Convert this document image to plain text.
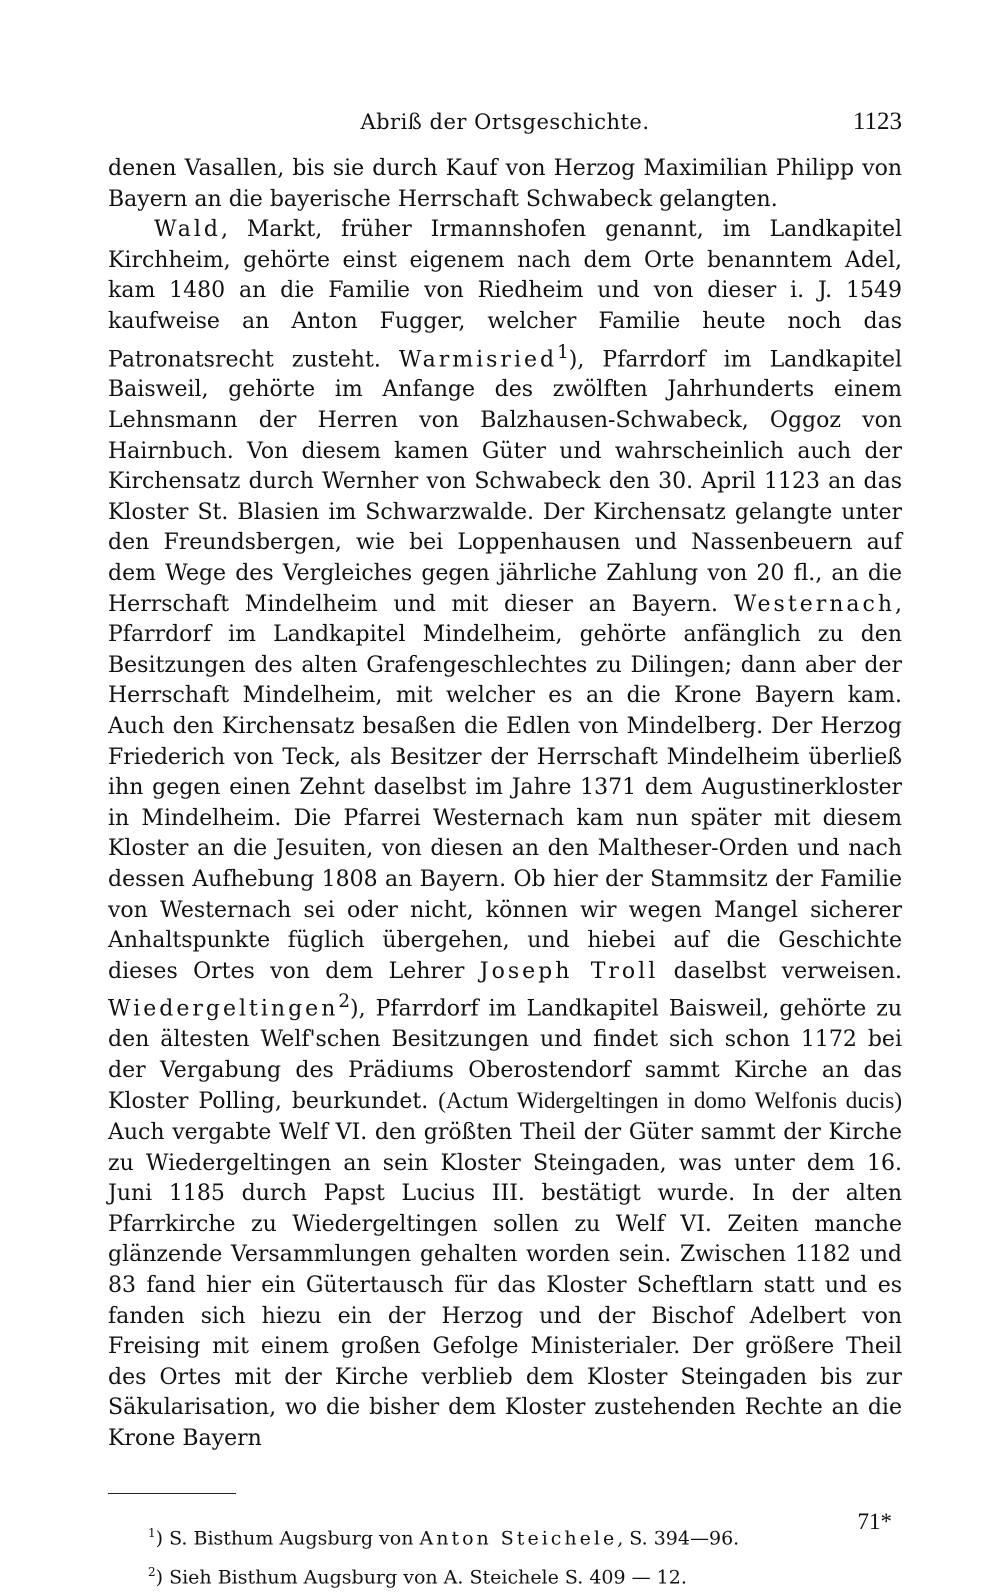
Abriß der Ortsgeschichte.	1123

denen Vasallen, bis sie durch Kauf von Herzog Maximilian Philipp von Bayern an die bayerische Herrschaft Schwabeck gelangten.

Wald, Markt, früher Irmannshofen genannt, im Landkapitel Kirchheim, gehörte einst eigenem nach dem Orte benanntem Adel, kam 1480 an die Familie von Riedheim und von dieser i. J. 1549 kaufweise an Anton Fugger, welcher Familie heute noch das Patronatsrecht zusteht. Warmisried$^1$), Pfarrdorf im Landkapitel Baisweil, gehörte im Anfange des zwölften Jahrhunderts einem Lehnsmann der Herren von Balzhausen-Schwabeck, Oggoz von Hairnbuch. Von diesem kamen Güter und wahrscheinlich auch der Kirchensatz durch Wernher von Schwabeck den 30. April 1123 an das Kloster St. Blasien im Schwarzwalde. Der Kirchensatz gelangte unter den Freundsbergen, wie bei Loppenhausen und Nassenbeuern auf dem Wege des Vergleiches gegen jährliche Zahlung von 20 fl., an die Herrschaft Mindelheim und mit dieser an Bayern. Westernach, Pfarrdorf im Landkapitel Mindelheim, gehörte anfänglich zu den Besitzungen des alten Grafengeschlechtes zu Dilingen; dann aber der Herrschaft Mindelheim, mit welcher es an die Krone Bayern kam. Auch den Kirchensatz besaßen die Edlen von Mindelberg. Der Herzog Friederich von Teck, als Besitzer der Herrschaft Mindelheim überließ ihn gegen einen Zehnt daselbst im Jahre 1371 dem Augustinerkloster in Mindelheim. Die Pfarrei Westernach kam nun später mit diesem Kloster an die Jesuiten, von diesen an den Maltheser-Orden und nach dessen Aufhebung 1808 an Bayern. Ob hier der Stammsitz der Familie von Westernach sei oder nicht, können wir wegen Mangel sicherer Anhaltspunkte füglich übergehen, und hiebei auf die Geschichte dieses Ortes von dem Lehrer Joseph Troll daselbst verweisen. Wiedergeltingen$^2$), Pfarrdorf im Landkapitel Baisweil, gehörte zu den ältesten Welf'schen Besitzungen und findet sich schon 1172 bei der Vergabung des Prädiums Oberostendorf sammt Kirche an das Kloster Polling, beurkundet. (Actum Widergeltingen in domo Welfonis ducis) Auch vergabte Welf VI. den größten Theil der Güter sammt der Kirche zu Wiedergeltingen an sein Kloster Steingaden, was unter dem 16. Juni 1185 durch Papst Lucius III. bestätigt wurde. In der alten Pfarrkirche zu Wiedergeltingen sollen zu Welf VI. Zeiten manche glänzende Versammlungen gehalten worden sein. Zwischen 1182 und 83 fand hier ein Gütertausch für das Kloster Scheftlarn statt und es fanden sich hiezu ein der Herzog und der Bischof Adelbert von Freising mit einem großen Gefolge Ministerialer. Der größere Theil des Ortes mit der Kirche verblieb dem Kloster Steingaden bis zur Säkularisation, wo die bisher dem Kloster zustehenden Rechte an die Krone Bayern

$^1$) S. Bisthum Augsburg von Anton Steichele, S. 394—96.
$^2$) Sieh Bisthum Augsburg von A. Steichele S. 409 — 12.
71*
